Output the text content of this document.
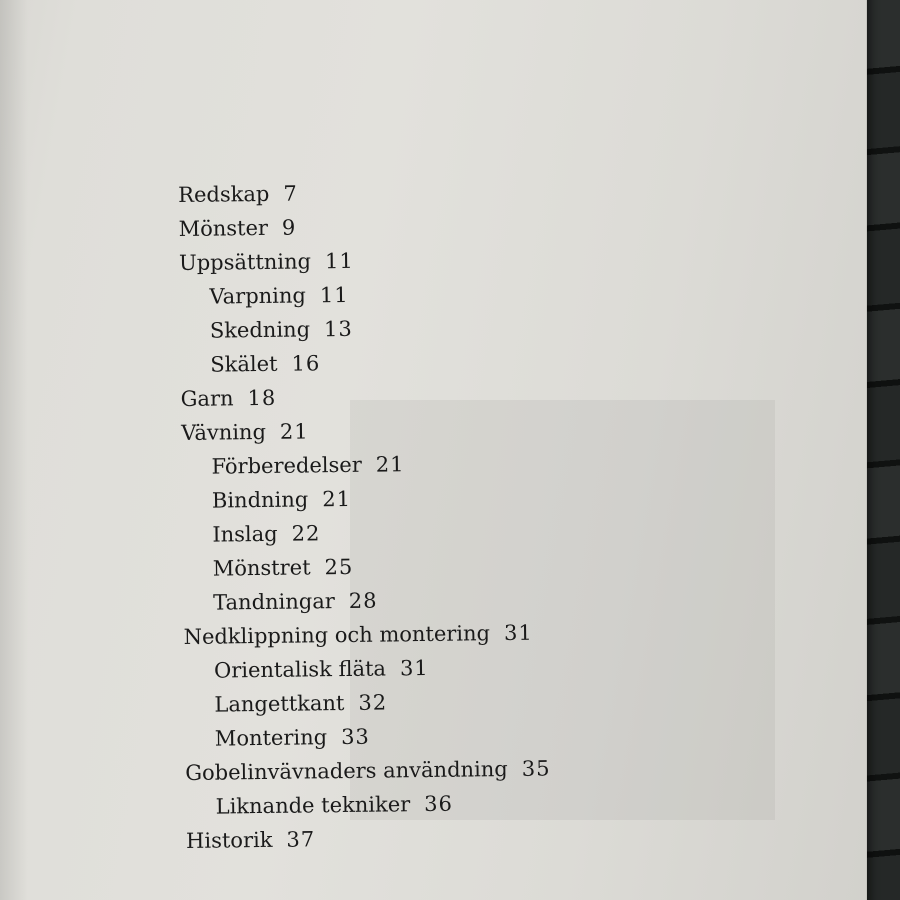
Redskap 7
Mönster 9
Uppsättning 11
Varpning 11
Skedning 13
Skälet 16
Garn 18
Vävning 21
Förberedelser 21
Bindning 21
Inslag 22
Mönstret 25
Tandningar 28
Nedklippning och montering 31
Orientalisk fläta 31
Langettkant 32
Montering 33
Gobelinvävnaders användning 35
Liknande tekniker 36
Historik 37
